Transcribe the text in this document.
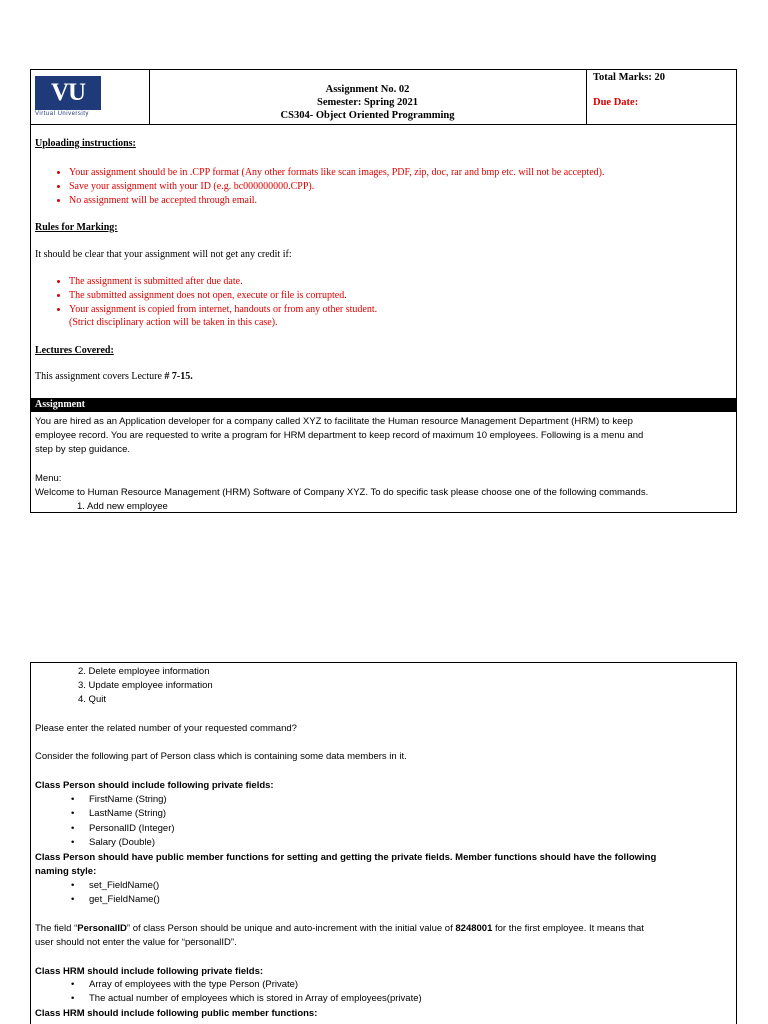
VU
Virtual University
Assignment No. 02
Semester: Spring 2021
CS304- Object Oriented Programming
Total Marks: 20
Due Date:
Uploading instructions:
• Your assignment should be in .CPP format (Any other formats like scan images, PDF, zip, doc, rar and bmp etc. will not be accepted).
• Save your assignment with your ID (e.g. bc000000000.CPP).
• No assignment will be accepted through email.
Rules for Marking:
It should be clear that your assignment will not get any credit if:
• The assignment is submitted after due date.
• The submitted assignment does not open, execute or file is corrupted.
• Your assignment is copied from internet, handouts or from any other student.
(Strict disciplinary action will be taken in this case).
Lectures Covered:
This assignment covers Lecture # 7-15.
Assignment
You are hired as an Application developer for a company called XYZ to facilitate the Human resource Management Department (HRM) to keep
employee record. You are requested to write a program for HRM department to keep record of maximum 10 employees. Following is a menu and
step by step guidance.
Menu:
Welcome to Human Resource Management (HRM) Software of Company XYZ. To do specific task please choose one of the following commands.
1. Add new employee
2. Delete employee information
3. Update employee information
4. Quit
Please enter the related number of your requested command?
Consider the following part of Person class which is containing some data members in it.
Class Person should include following private fields:
• FirstName (String)
• LastName (String)
• PersonalID (Integer)
• Salary (Double)
Class Person should have public member functions for setting and getting the private fields. Member functions should have the following
naming style:
• set_FieldName()
• get_FieldName()
The field “PersonalID” of class Person should be unique and auto-increment with the initial value of 8248001 for the first employee. It means that
user should not enter the value for “personalID”.
Class HRM should include following private fields:
• Array of employees with the type Person (Private)
• The actual number of employees which is stored in Array of employees(private)
Class HRM should include following public member functions:
